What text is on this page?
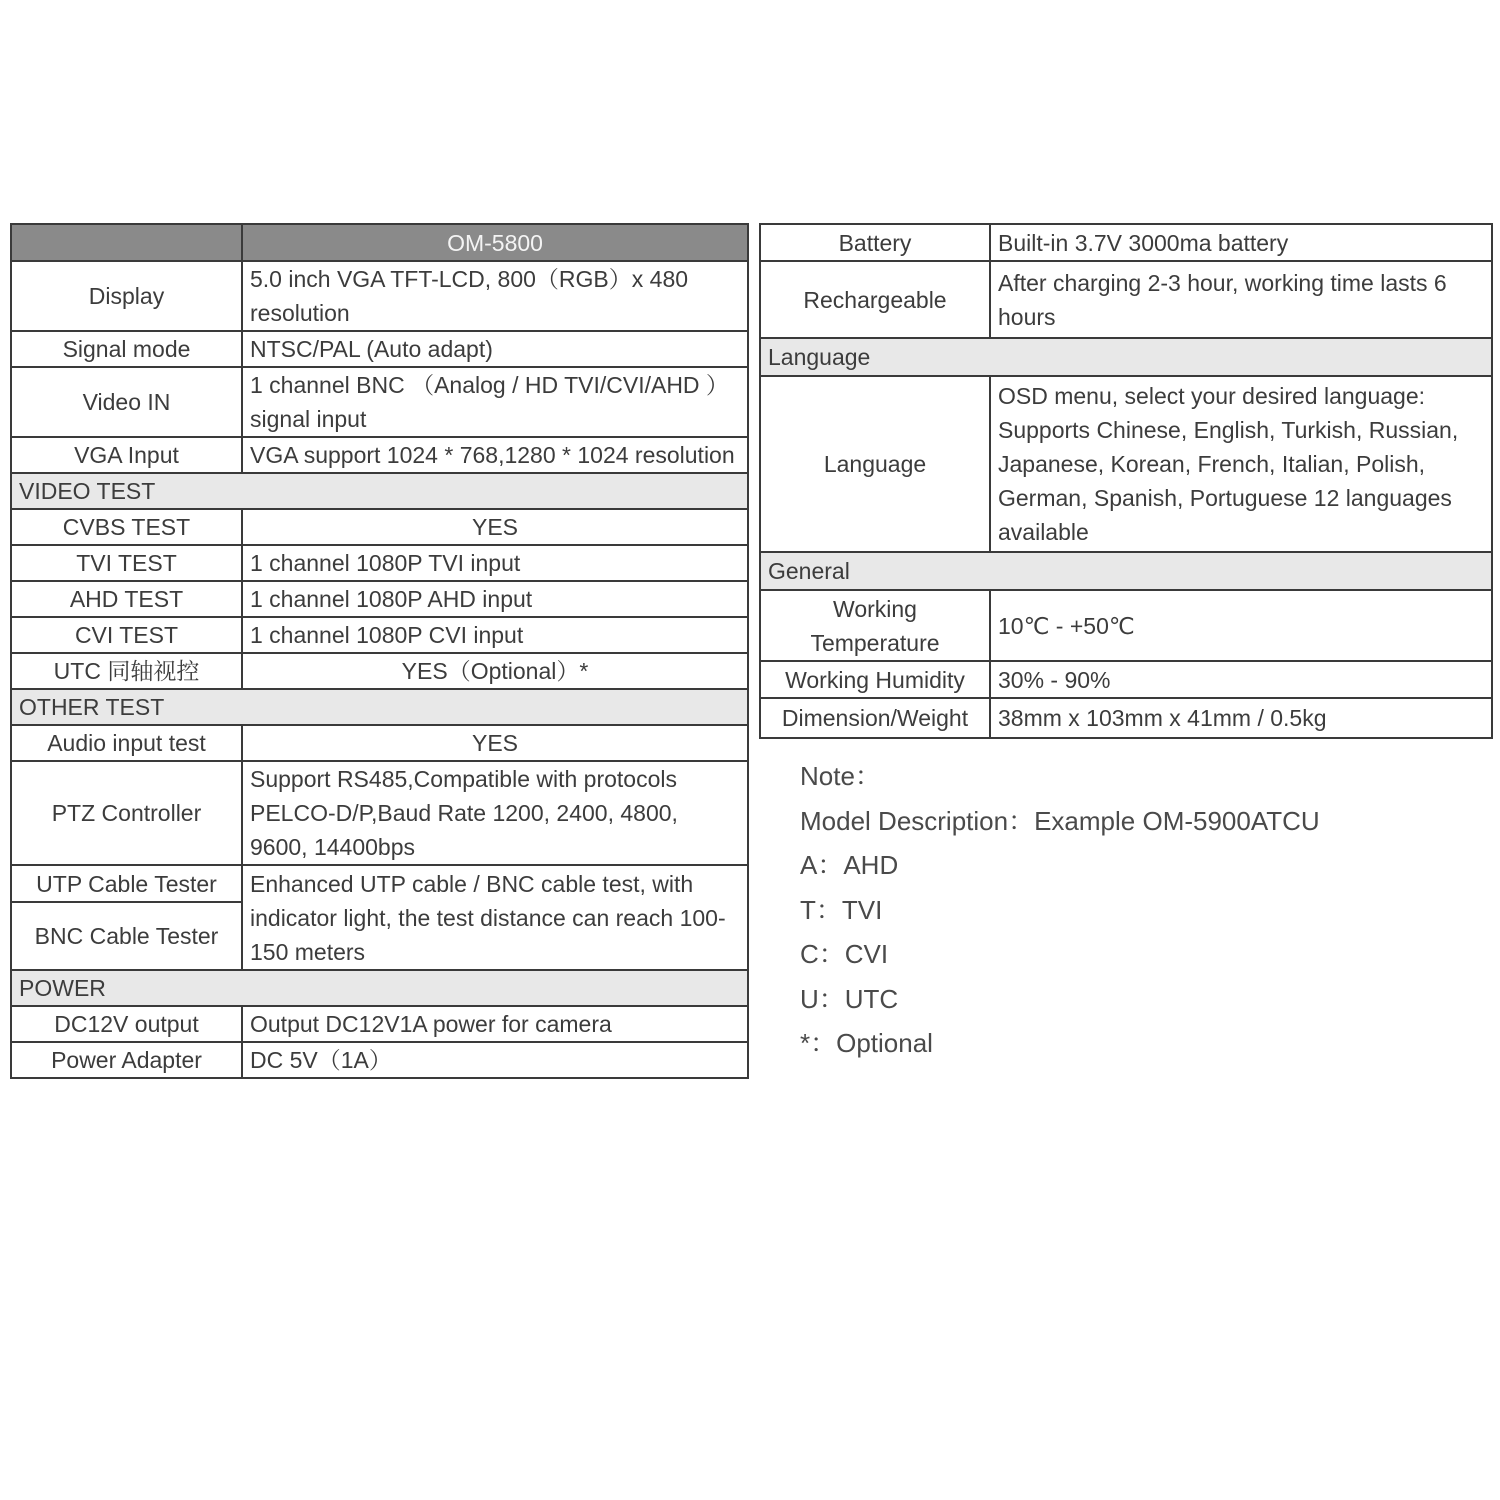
	OM-5800
Display	5.0 inch VGA TFT-LCD, 800（RGB）x 480 resolution
Signal mode	NTSC/PAL (Auto adapt)
Video IN	1 channel BNC （Analog / HD TVI/CVI/AHD ）signal input
VGA Input	VGA support 1024 * 768,1280 * 1024 resolution
VIDEO TEST	
CVBS TEST	YES
TVI TEST	1 channel 1080P TVI input
AHD TEST	1 channel 1080P AHD input
CVI TEST	1 channel 1080P CVI input
UTC 同轴视控	YES（Optional）*
OTHER TEST	
Audio input test	YES
PTZ Controller	Support RS485,Compatible with protocols PELCO-D/P,Baud Rate 1200, 2400, 4800, 9600, 14400bps
UTP Cable Tester	Enhanced UTP cable / BNC cable test, with indicator light, the test distance can reach 100-150 meters
BNC Cable Tester	
POWER	
DC12V output	Output DC12V1A power for camera
Power Adapter	DC 5V（1A）
Battery	Built-in 3.7V 3000ma battery
Rechargeable	After charging 2-3 hour, working time lasts 6 hours
Language	
Language	OSD menu, select your desired language: Supports Chinese, English, Turkish, Russian, Japanese, Korean, French, Italian, Polish, German, Spanish, Portuguese 12 languages available
General	
Working Temperature	10℃ - +50℃
Working Humidity	30% - 90%
Dimension/Weight	38mm x 103mm x 41mm / 0.5kg
Note：
Model Description：Example OM-5900ATCU
A：AHD
T：TVI
C：CVI
U：UTC
*：Optional
